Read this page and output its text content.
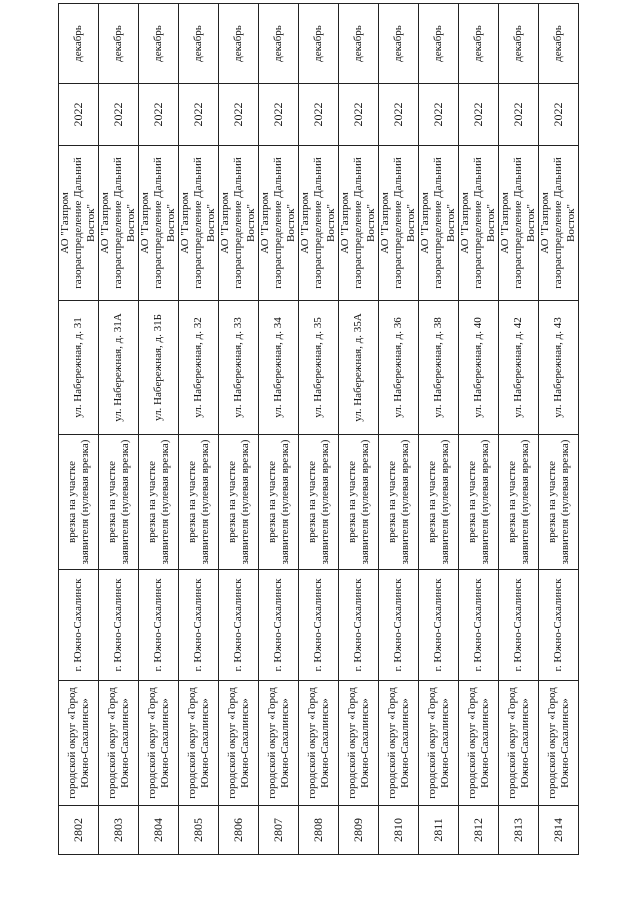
2802	городской округ «Город Южно-Сахалинск»	г. Южно-Сахалинск	врезка на участке заявителя (нулевая врезка)	ул. Набережная, д. 31	АО "Газпром газораспределение Дальний Восток"	2022	декабрь
2803	городской округ «Город Южно-Сахалинск»	г. Южно-Сахалинск	врезка на участке заявителя (нулевая врезка)	ул. Набережная, д. 31А	АО "Газпром газораспределение Дальний Восток"	2022	декабрь
2804	городской округ «Город Южно-Сахалинск»	г. Южно-Сахалинск	врезка на участке заявителя (нулевая врезка)	ул. Набережная, д. 31Б	АО "Газпром газораспределение Дальний Восток"	2022	декабрь
2805	городской округ «Город Южно-Сахалинск»	г. Южно-Сахалинск	врезка на участке заявителя (нулевая врезка)	ул. Набережная, д. 32	АО "Газпром газораспределение Дальний Восток"	2022	декабрь
2806	городской округ «Город Южно-Сахалинск»	г. Южно-Сахалинск	врезка на участке заявителя (нулевая врезка)	ул. Набережная, д. 33	АО "Газпром газораспределение Дальний Восток"	2022	декабрь
2807	городской округ «Город Южно-Сахалинск»	г. Южно-Сахалинск	врезка на участке заявителя (нулевая врезка)	ул. Набережная, д. 34	АО "Газпром газораспределение Дальний Восток"	2022	декабрь
2808	городской округ «Город Южно-Сахалинск»	г. Южно-Сахалинск	врезка на участке заявителя (нулевая врезка)	ул. Набережная, д. 35	АО "Газпром газораспределение Дальний Восток"	2022	декабрь
2809	городской округ «Город Южно-Сахалинск»	г. Южно-Сахалинск	врезка на участке заявителя (нулевая врезка)	ул. Набережная, д. 35А	АО "Газпром газораспределение Дальний Восток"	2022	декабрь
2810	городской округ «Город Южно-Сахалинск»	г. Южно-Сахалинск	врезка на участке заявителя (нулевая врезка)	ул. Набережная, д. 36	АО "Газпром газораспределение Дальний Восток"	2022	декабрь
2811	городской округ «Город Южно-Сахалинск»	г. Южно-Сахалинск	врезка на участке заявителя (нулевая врезка)	ул. Набережная, д. 38	АО "Газпром газораспределение Дальний Восток"	2022	декабрь
2812	городской округ «Город Южно-Сахалинск»	г. Южно-Сахалинск	врезка на участке заявителя (нулевая врезка)	ул. Набережная, д. 40	АО "Газпром газораспределение Дальний Восток"	2022	декабрь
2813	городской округ «Город Южно-Сахалинск»	г. Южно-Сахалинск	врезка на участке заявителя (нулевая врезка)	ул. Набережная, д. 42	АО "Газпром газораспределение Дальний Восток"	2022	декабрь
2814	городской округ «Город Южно-Сахалинск»	г. Южно-Сахалинск	врезка на участке заявителя (нулевая врезка)	ул. Набережная, д. 43	АО "Газпром газораспределение Дальний Восток"	2022	декабрь
